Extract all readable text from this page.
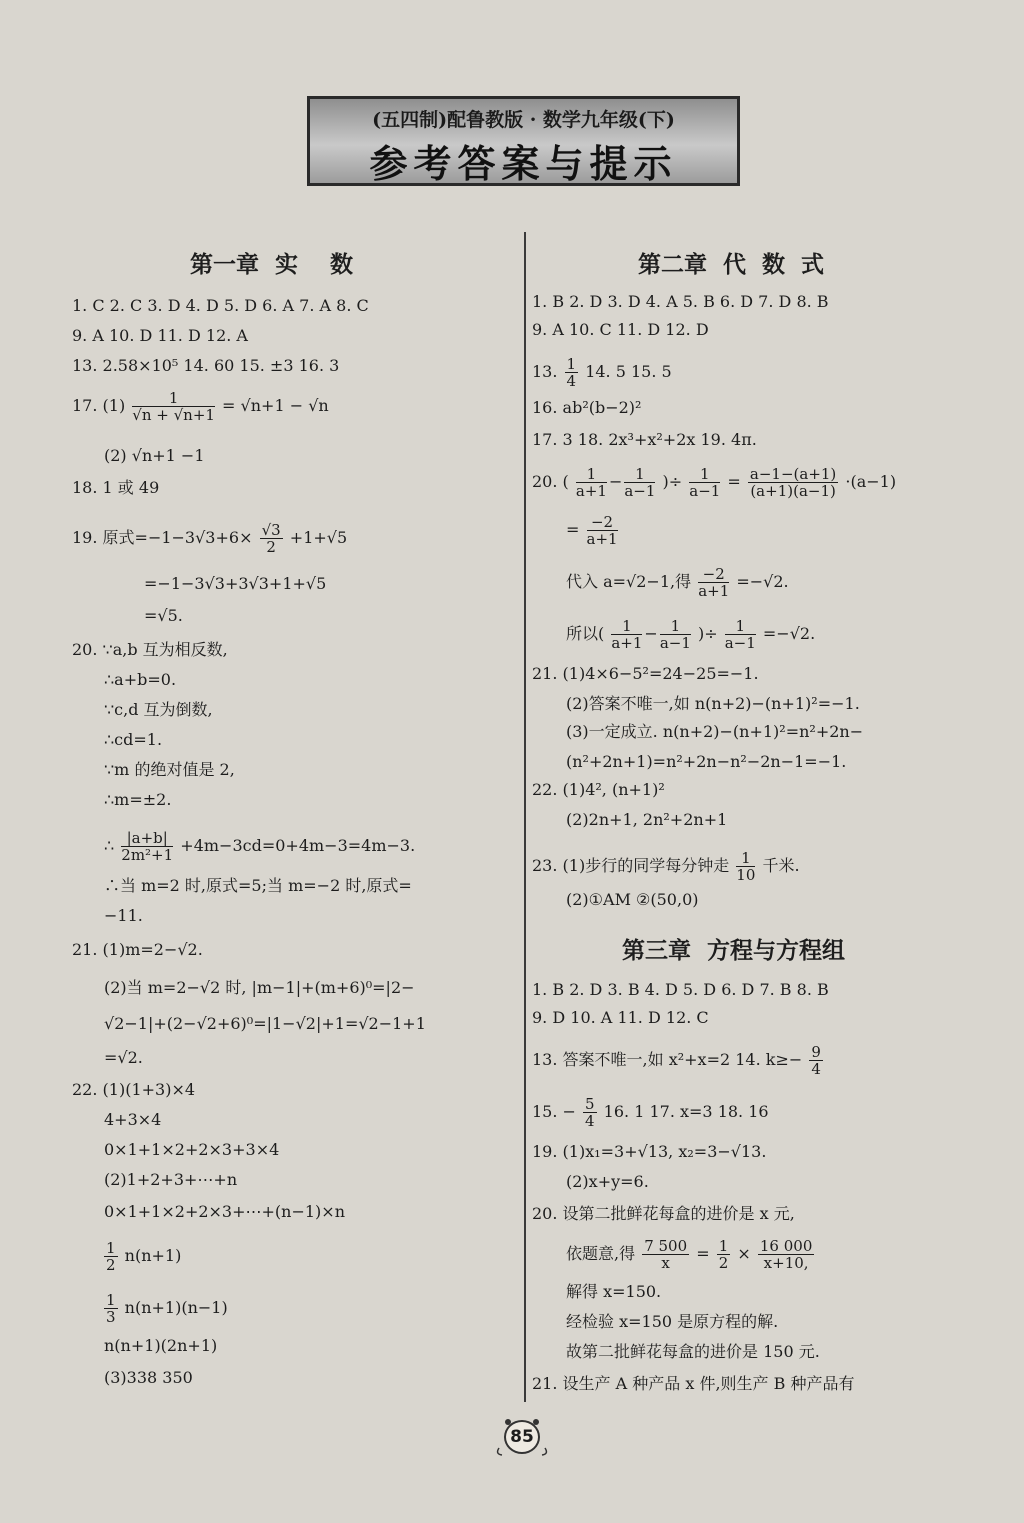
(五四制)配鲁教版 · 数学九年级(下)
参考答案与提示
第一章  实    数
1. C 2. C 3. D 4. D 5. D 6. A 7. A 8. C
9. A 10. D 11. D 12. A
13. 2.58×10⁵ 14. 60 15. ±3 16. 3
17. $(1) \frac{1}{√n + √n+1} = √n+1 - √n$
(2) √n+1 −1
18. 1 或 49
19. 原式$=-1-3√3+6\times \frac{√3}{2} +1+√5$
=−1−3√3+3√3+1+√5
=√5.
20. ∵a,b 互为相反数,
∴a+b=0.
∵c,d 互为倒数,
∴cd=1.
∵m 的绝对值是 2,
∴m=±2.
∴ $\frac{|a+b|}{\text{2m²+1}} +4m-3cd=0+4m-3=4m-3$.
∴当 m=2 时,原式=5;当 m=−2 时,原式=
−11.
21. (1)m=2−√2.
(2)当 m=2−√2 时, |m−1|+(m+6)⁰=|2−
√2−1|+(2−√2+6)⁰=|1−√2|+1=√2−1+1
=√2.
22. (1)(1+3)×4
4+3×4
0×1+1×2+2×3+3×4
(2)1+2+3+⋯+n
0×1+1×2+2×3+⋯+(n−1)×n
$\frac{1}{2} n(n+1)$
$\frac{1}{3} n(n+1)(n-1)$
n(n+1)(2n+1)
(3)338 350
第二章  代  数  式
1. B 2. D 3. D 4. A 5. B 6. D 7. D 8. B
9. A 10. C 11. D 12. D
13. $\frac{1}{4} 14$. 5 15. 5
16. ab²(b−2)²
17. 3 18. 2x³+x²+2x 19. 4π.
20. ( $\frac{1}{a+1} - \frac{1}{a-1}$ )÷ $\frac{1}{a-1} = \frac{a-1-(a+1)}{(a+1)(a-1)} \cdot(a-1)$
= $\frac{-2}{a+1}$
代入 a=√2−1,得 $\frac{-2}{a+1} =-√2$.
所以( $\frac{1}{a+1} - \frac{1}{a-1}$ )÷ $\frac{1}{a-1} =-√2$.
21. (1)4×6−5²=24−25=−1.
(2)答案不唯一,如 n(n+2)−(n+1)²=−1.
(3)一定成立. n(n+2)−(n+1)²=n²+2n−
(n²+2n+1)=n²+2n−n²−2n−1=−1.
22. (1)4², (n+1)²
(2)2n+1, 2n²+2n+1
23. (1)步行的同学每分钟走 $\frac{1}{10}$ 千米.
(2)①AM ②(50,0)
第三章  方程与方程组
1. B 2. D 3. B 4. D 5. D 6. D 7. B 8. B
9. D 10. A 11. D 12. C
13. 答案不唯一,如 x²+x=2 14. $k\ge- \frac{9}{4}$
15. − $\frac{5}{4} 16$. 1 17. x=3 18. 16
19. (1)x₁=3+√13, x₂=3−√13.
(2)x+y=6.
20. 设第二批鲜花每盒的进价是 x 元,
依题意,得 $\frac{7 500}{x} = \frac{1}{2} \times \frac{16 000}{x+10,}$
解得 x=150.
经检验 x=150 是原方程的解.
故第二批鲜花每盒的进价是 150 元.
21. 设生产 A 种产品 x 件,则生产 B 种产品有
85
